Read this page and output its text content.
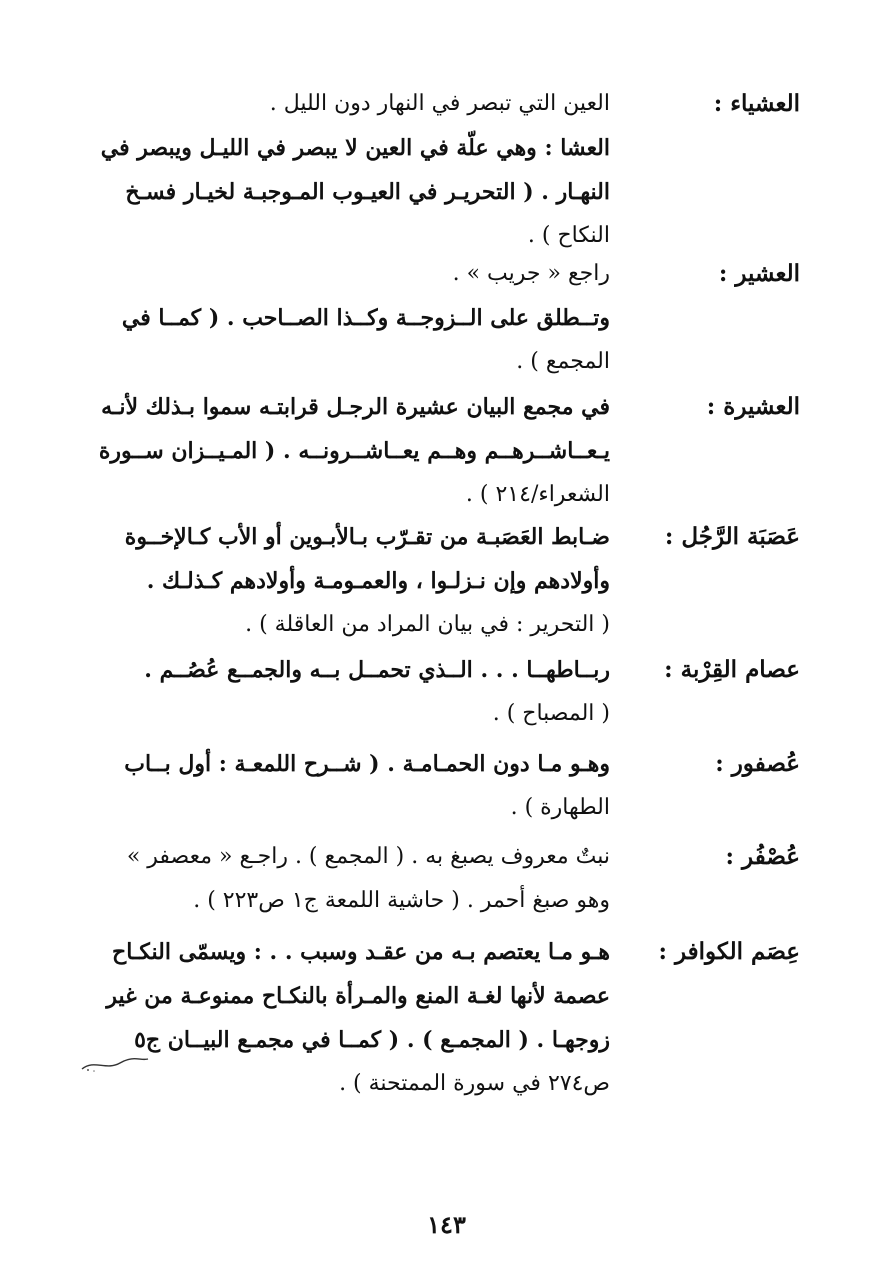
العشياء :
العين التي تبصر في النهار دون الليل .
العشا : وهي علّة في العين لا يبصر في الليـل ويبصر في
النهـار . ( التحريـر في العيـوب المـوجبـة لخيـار فسـخ
النكاح ) .
العشير :
راجع « جريب » .
وتــطلق على الــزوجــة وكــذا الصــاحب . ( كمــا في
المجمع ) .
العشيرة :
في مجمع البيان عشيرة الرجـل قرابتـه سموا بـذلك لأنـه
يـعــاشــرهــم وهــم يعــاشــرونــه . ( المـيــزان ســورة
الشعراء/٢١٤ ) .
عَصَبَة الرَّجُل :
ضـابط العَصَبـة من تقـرّب بـالأبـوين أو الأب كـالإخــوة
وأولادهم وإن نـزلـوا ، والعمـومـة وأولادهم كـذلـك .
( التحرير : في بيان المراد من العاقلة ) .
عصام القِرْبة :
ربــاطهــا . . . الــذي تحمــل بــه والجمــع عُصُــم .
( المصباح ) .
عُصفور :
وهـو مـا دون الحمـامـة . ( شــرح اللمعـة : أول بــاب
الطهارة ) .
عُصْفُر :
نبتٌ معروف يصبغ به . ( المجمع ) . راجـع « معصفر »
وهو صبغ أحمر . ( حاشية اللمعة ج١ ص٢٢٣ ) .
عِصَم الكوافر :
هـو مـا يعتصم بـه من عقـد وسبب . . : ويسمّى النكـاح
عصمة لأنها لغـة المنع والمـرأة بالنكـاح ممنوعـة من غير
زوجهـا . ( المجمـع ) . ( كمــا في مجمـع البيــان ج٥
ص٢٧٤ في سورة الممتحنة ) .
١٤٣
